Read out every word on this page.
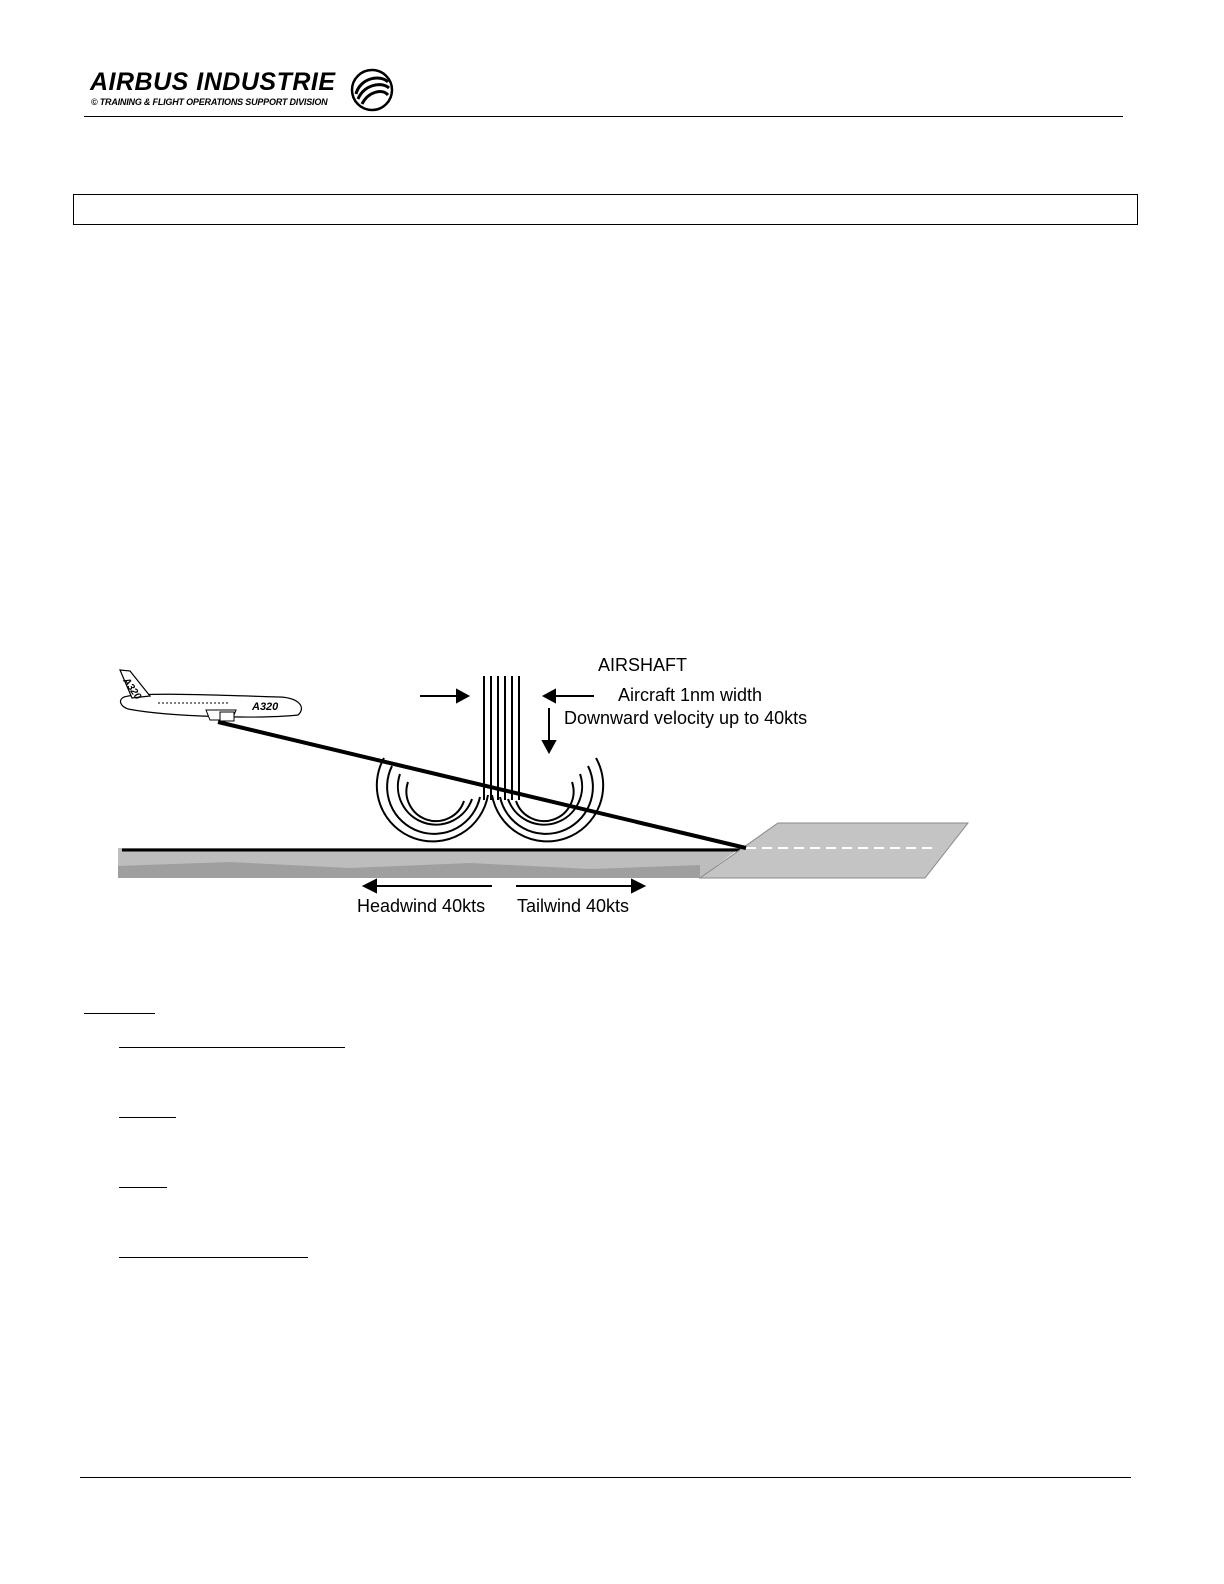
AIRBUS INDUSTRIE
© TRAINING & FLIGHT OPERATIONS SUPPORT DIVISION
A320
A320
AIRSHAFT
Aircraft 1nm width
Downward velocity up to 40kts
Headwind 40kts Tailwind 40kts
